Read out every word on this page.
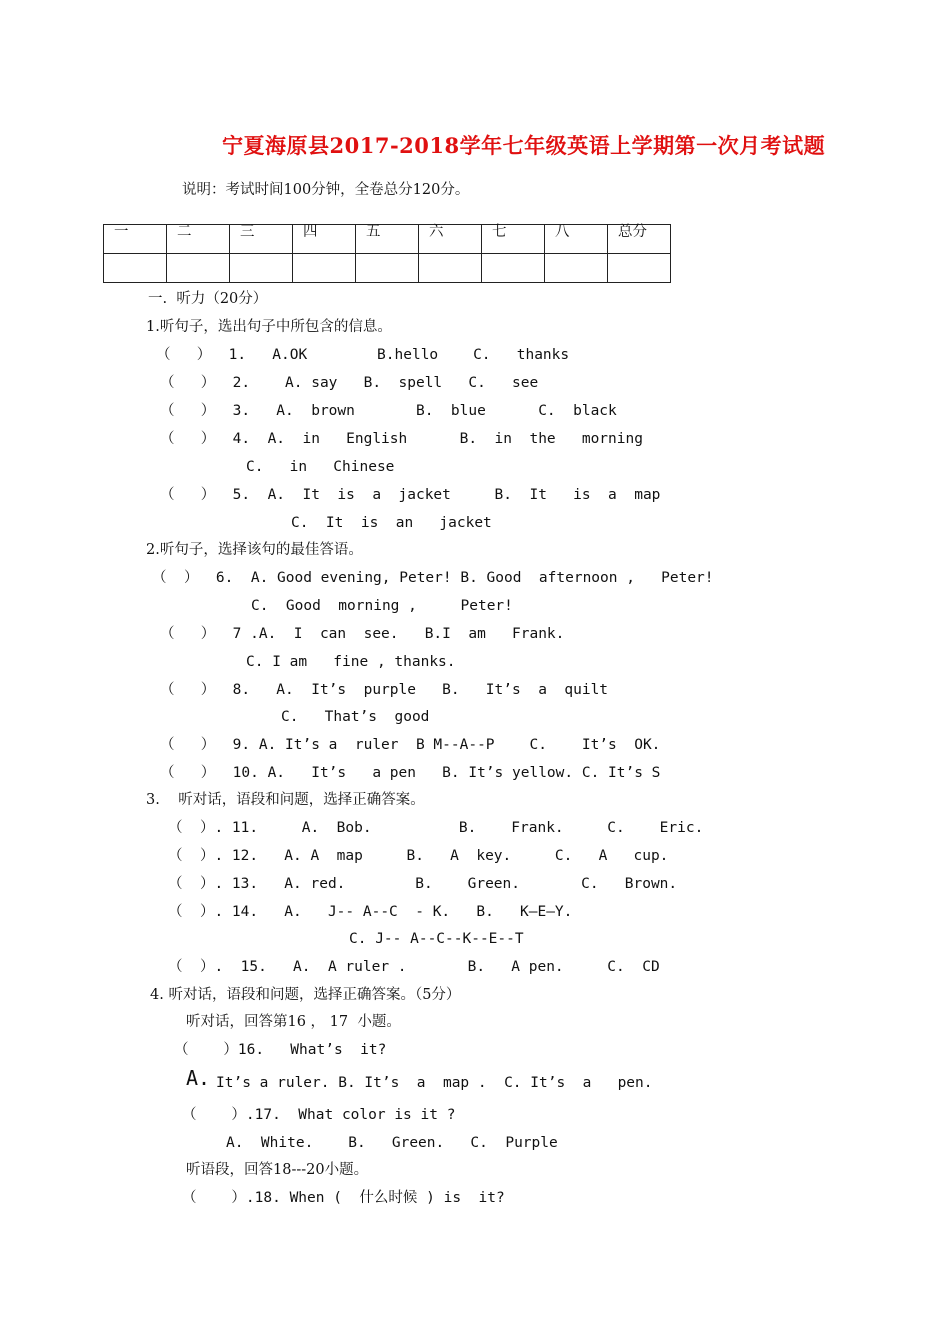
宁夏海原县2017-2018学年七年级英语上学期第一次月考试题
说明：考试时间100分钟，全卷总分120分。
一	二	三	四	五	六	七	八	总分

一.  听力（20分）
1.听句子，选出句子中所包含的信息。
（   ）  1.   A.OK        B.hello    C.   thanks
（   ）  2.    A. say   B.  spell   C.   see
（   ）  3.   A.  brown       B.  blue      C.  black
（   ）  4.  A.  in   English      B.  in  the   morning
C.   in   Chinese
（   ）  5.  A.  It  is  a  jacket     B.  It   is  a  map
C.  It  is  an   jacket
2.听句子，选择该句的最佳答语。
（  ）  6.  A. Good evening, Peter! B. Good  afternoon ,   Peter!
C.  Good  morning ,     Peter!
（   ）  7 .A.  I  can  see.   B.I  am   Frank.
C. I am   fine , thanks.
（   ）  8.   A.  It’s  purple   B.   It’s  a  quilt
C.   That’s  good
（   ）  9. A. It’s a  ruler  B M--A--P    C.    It’s  OK.
（   ）  10. A.   It’s   a pen   B. It’s yellow. C. It’s S
3.    听对话，语段和问题，选择正确答案。
（  ）. 11.     A.  Bob.          B.    Frank.     C.    Eric.
（  ）. 12.   A. A  map     B.   A  key.     C.   A   cup.
（  ）. 13.   A. red.        B.    Green.       C.   Brown.
（  ）. 14.   A.   J-- A--C  - K.   B.   K—E—Y.
C. J-- A--C--K--E--T
（  ）.  15.   A.  A ruler .       B.   A pen.     C.  CD
4. 听对话，语段和问题，选择正确答案。（5分）
听对话，回答第16 ， 17  小题。
（    ）16.   What’s  it?
It’s a ruler. B. It’s  a  map .  C. It’s  a   pen.
（    ）.17.  What color is it ?
A.  White.    B.   Green.   C.  Purple
听语段，回答18---20小题。
（    ）.18. When (  什么时候 ) is  it?
A.
